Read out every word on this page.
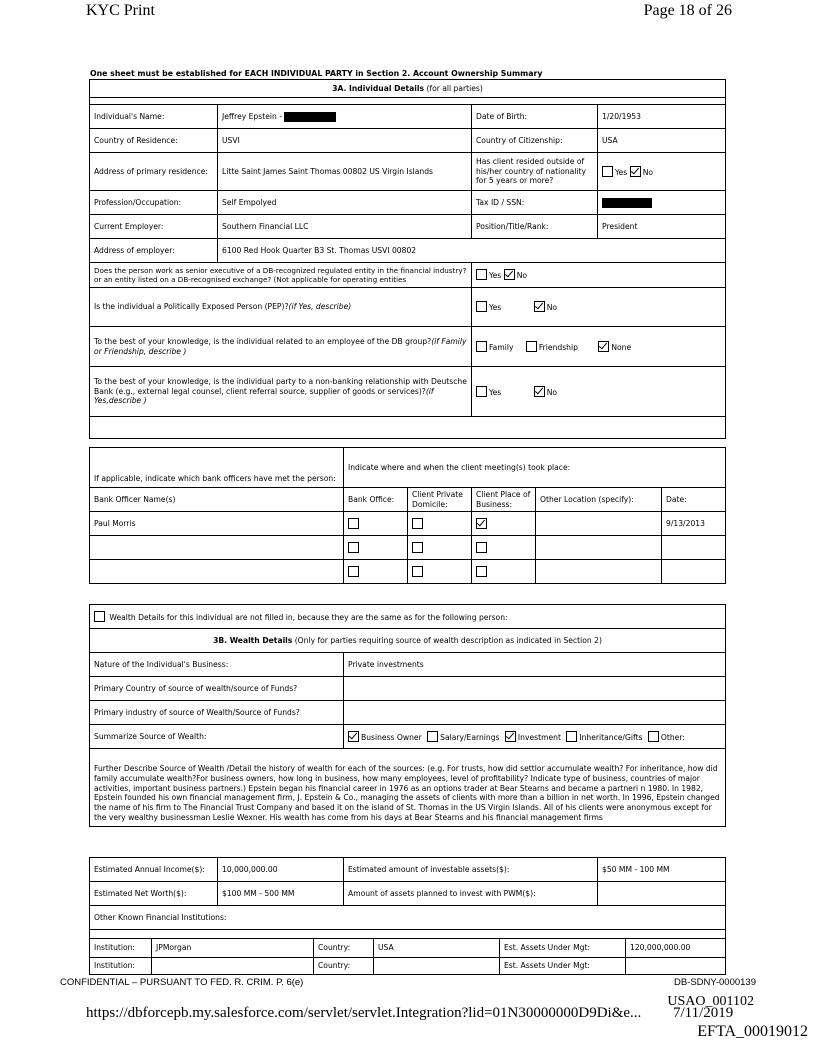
KYC Print	Page 18 of 26
One sheet must be established for EACH INDIVIDUAL PARTY in Section 2. Account Ownership Summary
3A. Individual Details (for all parties)			

Individual's Name:	Jeffrey Epstein -	Date of Birth:	1/20/1953
Country of Residence:	USVI	Country of Citizenship:	USA
Address of primary residence:	Litte Saint James Saint Thomas 00802 US Virgin Islands	Has client resided outside of his/her country of nationality for 5 years or more?	Yes No
Profession/Occupation:	Self Empolyed	Tax ID / SSN:	
Current Employer:	Southern Financial LLC	Position/Title/Rank:	President
Address of employer:	6100 Red Hook Quarter B3 St. Thomas USVI 00802		
Does the person work as senior executive of a DB-recognized regulated entity in the financial industry? or an entity listed on a DB-recognised exchange? (Not applicable for operating entities		Yes No	
Is the individual a Politically Exposed Person (PEP)?(if Yes, describe)		Yes No	
To the best of your knowledge, is the individual related to an employee of the DB group?(if Family or Friendship, describe )		Family Friendship None	
To the best of your knowledge, is the individual party to a non-banking relationship with Deutsche Bank (e.g., external legal counsel, client referral source, supplier of goods or services)?(if Yes,describe )		Yes No	

If applicable, indicate which bank officers have met the person:	Indicate where and when the client meeting(s) took place:				
Bank Officer Name(s)	Bank Office:	Client Private Domicile:	Client Place of Business:	Other Location (specify):	Date:
Paul Morris					9/13/2013

Wealth Details for this individual are not filled in, because they are the same as for the following person:	
3B. Wealth Details (Only for parties requiring source of wealth description as indicated in Section 2)	
Nature of the Individual's Business:	Private investments
Primary Country of source of wealth/source of Funds?	
Primary industry of source of Wealth/Source of Funds?	
Summarize Source of Wealth:	Business Owner Salary/Earnings Investment Inheritance/Gifts Other:
Further Describe Source of Wealth /Detail the history of wealth for each of the sources: (e.g. For trusts, how did settlor accumulate wealth? For inheritance, how did family accumulate wealth?For business owners, how long in business, how many employees, level of profitability? Indicate type of business, countries of major activities, important business partners.) Epstein began his financial career in 1976 as an options trader at Bear Stearns and became a partneri n 1980. In 1982, Epstein founded his own financial management firm, J. Epstein & Co., managing the assets of clients with more than a billion in net worth. In 1996, Epstein changed the name of his firm to The Financial Trust Company and based it on the island of St. Thomas in the US Virgin Islands. All of his clients were anonymous except for the very wealthy businessman Leslie Wexner. His wealth has come from his days at Bear Stearns and his financial management firms	
Estimated Annual Income($):	10,000,000.00	Estimated amount of investable assets($):	$50 MM - 100 MM
Estimated Net Worth($):	$100 MM - 500 MM	Amount of assets planned to invest with PWM($):	
Other Known Financial Institutions:			

Institution:	JPMorgan	Country:	USA	Est. Assets Under Mgt:	120,000,000.00
Institution:		Country:		Est. Assets Under Mgt:	
CONFIDENTIAL – PURSUANT TO FED. R. CRIM. P. 6(e)	DB-SDNY-0000139
USAO_001102
https://dbforcepb.my.salesforce.com/servlet/servlet.Integration?lid=01N30000000D9Di&e... 7/11/2019
EFTA_00019012
